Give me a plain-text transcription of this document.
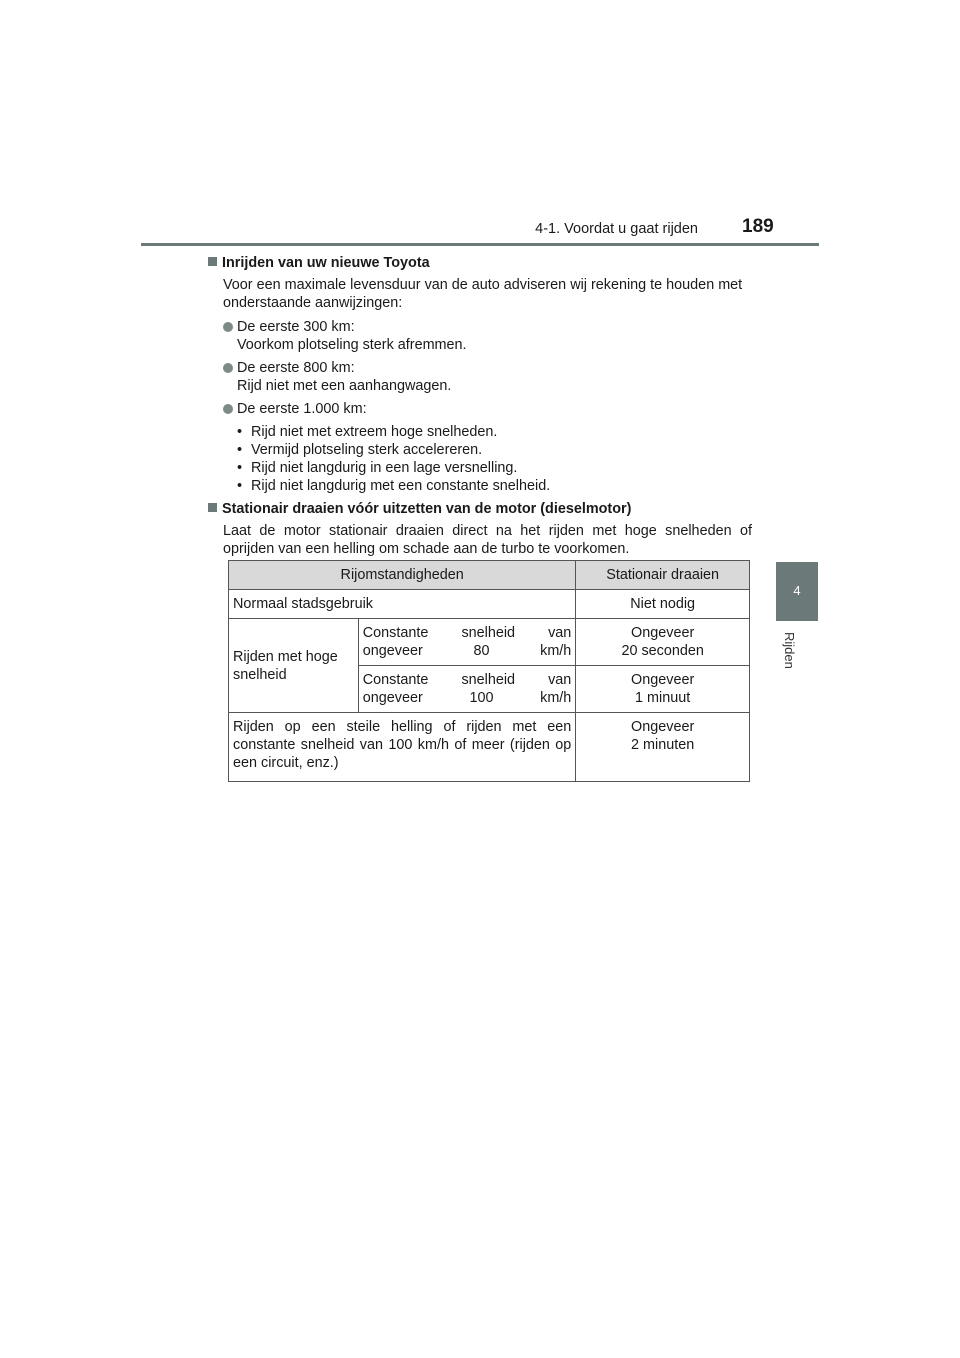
4-1. Voordat u gaat rijden 189
4
Rijden
Inrijden van uw nieuwe Toyota
Voor een maximale levensduur van de auto adviseren wij rekening te houden met onderstaande aanwijzingen:
De eerste 300 km:
Voorkom plotseling sterk afremmen.
De eerste 800 km:
Rijd niet met een aanhangwagen.
De eerste 1.000 km:
• Rijd niet met extreem hoge snelheden.
• Vermijd plotseling sterk accelereren.
• Rijd niet langdurig in een lage versnelling.
• Rijd niet langdurig met een constante snelheid.
Stationair draaien vóór uitzetten van de motor (dieselmotor)
Laat de motor stationair draaien direct na het rijden met hoge snelheden of oprijden van een helling om schade aan de turbo te voorkomen.
Rijomstandigheden		Stationair draaien
Normaal stadsgebruik		Niet nodig
Rijden met hoge snelheid	Constante snelheid van ongeveer 80 km/h	Ongeveer
20 seconden

	Constante snelheid van ongeveer 100 km/h	Ongeveer
1 minuut

Rijden op een steile helling of rijden met een constante snelheid van 100 km/h of meer (rijden op een circuit, enz.)		Ongeveer
2 minuten
